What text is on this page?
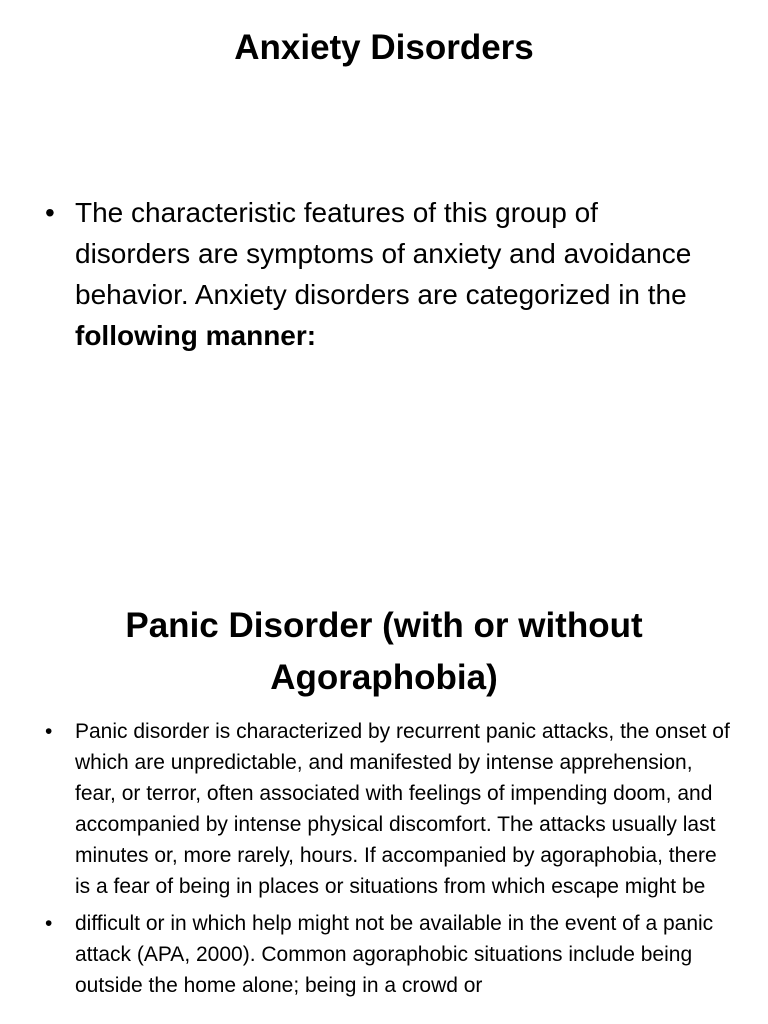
Anxiety Disorders
• The characteristic features of this group of disorders are symptoms of anxiety and avoidance behavior. Anxiety disorders are categorized in the following manner:
Panic Disorder (with or without Agoraphobia)
• Panic disorder is characterized by recurrent panic attacks, the onset of which are unpredictable, and manifested by intense apprehension, fear, or terror, often associated with feelings of impending doom, and accompanied by intense physical discomfort. The attacks usually last minutes or, more rarely, hours. If accompanied by agoraphobia, there is a fear of being in places or situations from which escape might be
• difficult or in which help might not be available in the event of a panic attack (APA, 2000). Common agoraphobic situations include being outside the home alone; being in a crowd or
